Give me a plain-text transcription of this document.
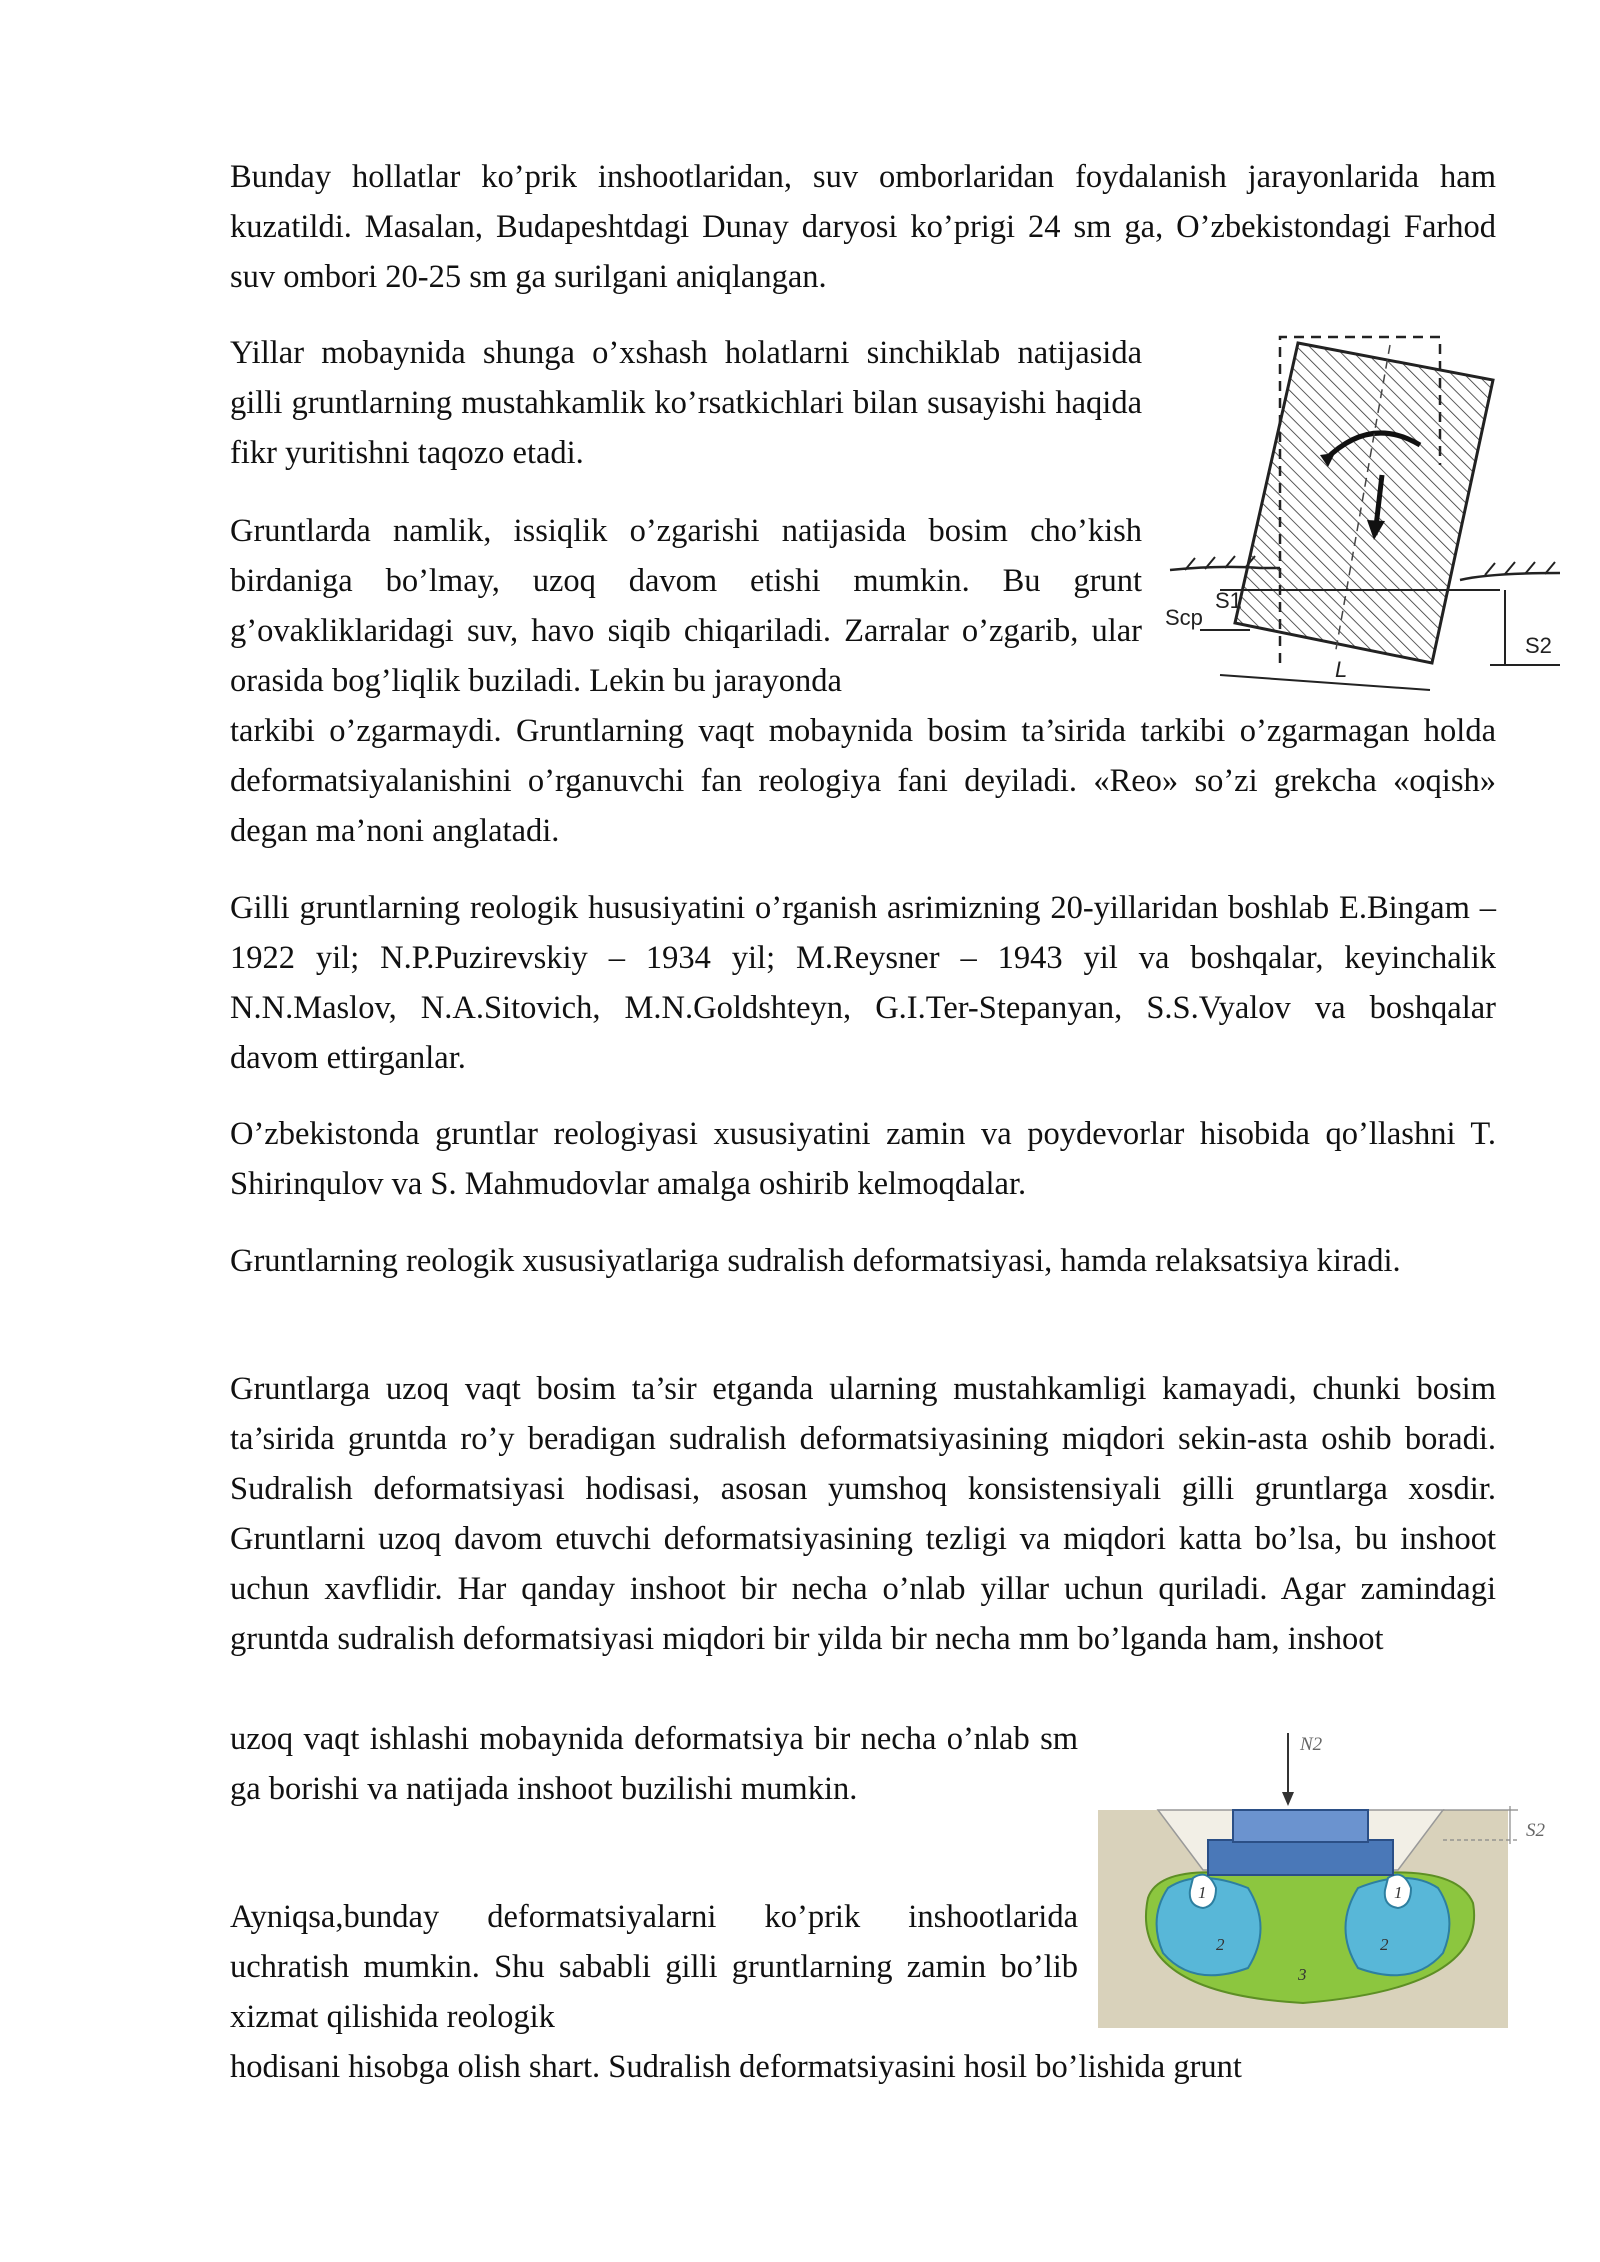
Bunday hollatlar ko’prik inshootlaridan, suv omborlaridan foydalanish jarayonlarida ham kuzatildi. Masalan, Budapeshtdagi Dunay daryosi ko’prigi 24 sm ga, O’zbekistondagi Farhod suv ombori 20-25 sm ga surilgani aniqlangan.

Yillar mobaynida shunga o’xshash holatlarni sinchiklab natijasida gilli gruntlarning mustahkamlik ko’rsatkichlari bilan susayishi haqida fikr yuritishni taqozo etadi.

Gruntlarda namlik, issiqlik o’zgarishi natijasida bosim cho’kish birdaniga bo’lmay, uzoq davom etishi mumkin. Bu grunt g’ovakliklaridagi suv, havo siqib chiqariladi. Zarralar o’zgarib, ular orasida bog’liqlik buziladi. Lekin bu jarayonda

tarkibi o’zgarmaydi. Gruntlarning vaqt mobaynida bosim ta’sirida tarkibi o’zgarmagan holda deformatsiyalanishini o’rganuvchi fan reologiya fani deyiladi. «Reo» so’zi grekcha «oqish» degan ma’noni anglatadi.

Gilli gruntlarning reologik hususiyatini o’rganish asrimizning 20-yillaridan boshlab E.Bingam – 1922 yil; N.P.Puzirevskiy – 1934 yil; M.Reysner – 1943 yil va boshqalar, keyinchalik N.N.Maslov, N.A.Sitovich, M.N.Goldshteyn, G.I.Ter-Stepanyan, S.S.Vyalov va boshqalar davom ettirganlar.

O’zbekistonda gruntlar reologiyasi xususiyatini zamin va poydevorlar hisobida qo’llashni T. Shirinqulov va S. Mahmudovlar amalga oshirib kelmoqdalar.

Gruntlarning reologik xususiyatlariga sudralish deformatsiyasi, hamda relaksatsiya kiradi.

Gruntlarga uzoq vaqt bosim ta’sir etganda ularning mustahkamligi kamayadi, chunki bosim ta’sirida gruntda ro’y beradigan sudralish deformatsiyasining miqdori sekin-asta oshib boradi. Sudralish deformatsiyasi hodisasi, asosan yumshoq konsistensiyali gilli gruntlarga xosdir. Gruntlarni uzoq davom etuvchi deformatsiyasining tezligi va miqdori katta bo’lsa, bu inshoot uchun xavflidir. Har qanday inshoot bir necha o’nlab yillar uchun quriladi. Agar zamindagi gruntda sudralish deformatsiyasi miqdori bir yilda bir necha mm bo’lganda ham, inshoot

uzoq vaqt ishlashi mobaynida deformatsiya bir necha o’nlab sm ga borishi va natijada inshoot buzilishi mumkin.

Ayniqsa,bunday deformatsiyalarni ko’prik inshootlarida uchratish mumkin. Shu sababli gilli gruntlarning zamin bo’lib xizmat qilishida reologik

hodisani hisobga olish shart. Sudralish deformatsiyasini hosil bo’lishida grunt

Sср
S1
S2
L
N2
S2
1	1
2	2
3
